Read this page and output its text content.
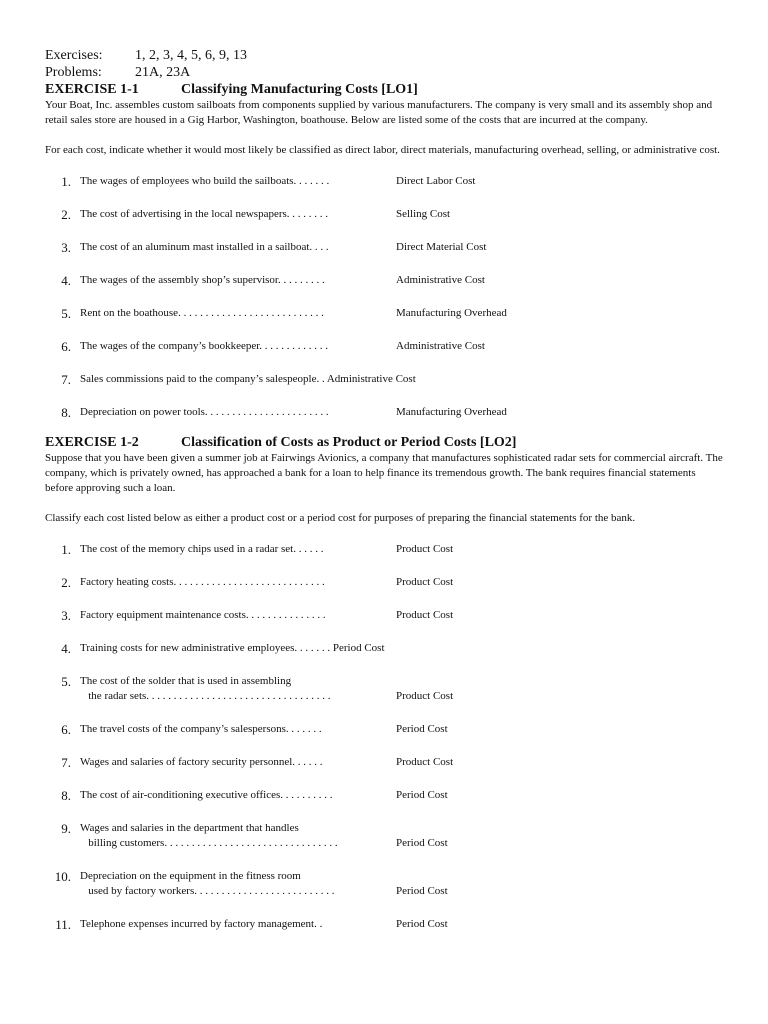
Exercises:	1, 2, 3, 4, 5, 6, 9, 13
Problems:	21A, 23A
EXERCISE 1-1	Classifying Manufacturing Costs [LO1]

Your Boat, Inc. assembles custom sailboats from components supplied by various manufacturers. The company is very small and its assembly shop and retail sales store are housed in a Gig Harbor, Washington, boathouse. Below are listed some of the costs that are incurred at the company.

For each cost, indicate whether it would most likely be classified as direct labor, direct materials, manufacturing overhead, selling, or administrative cost.

1. The wages of employees who build the sailboats. . . . . . .	Direct Labor Cost
2. The cost of advertising in the local newspapers. . . . . . . .	Selling Cost
3. The cost of an aluminum mast installed in a sailboat. . . .	Direct Material Cost
4. The wages of the assembly shop’s supervisor. . . . . . . . .	Administrative Cost
5. Rent on the boathouse. . . . . . . . . . . . . . . . . . . . . . . . . . .	Manufacturing Overhead
6. The wages of the company’s bookkeeper. . . . . . . . . . . . .	Administrative Cost
7. Sales commissions paid to the company’s salespeople. . Administrative Cost
8. Depreciation on power tools. . . . . . . . . . . . . . . . . . . . . . .	Manufacturing Overhead
EXERCISE 1-2	Classification of Costs as Product or Period Costs [LO2]

Suppose that you have been given a summer job at Fairwings Avionics, a company that manufactures sophisticated radar sets for commercial aircraft. The company, which is privately owned, has approached a bank for a loan to help finance its tremendous growth. The bank requires financial statements before approving such a loan.

Classify each cost listed below as either a product cost or a period cost for purposes of preparing the financial statements for the bank.

1. The cost of the memory chips used in a radar set. . . . . .	Product Cost
2. Factory heating costs. . . . . . . . . . . . . . . . . . . . . . . . . . . .	Product Cost
3. Factory equipment maintenance costs. . . . . . . . . . . . . . .	Product Cost
4. Training costs for new administrative employees. . . . . . . Period Cost
5. The cost of the solder that is used in assembling
the radar sets. . . . . . . . . . . . . . . . . . . . . . . . . . . . . . . . . .	Product Cost
6. The travel costs of the company’s salespersons. . . . . . .	Period Cost
7. Wages and salaries of factory security personnel. . . . . .	Product Cost
8. The cost of air-conditioning executive offices. . . . . . . . . .	Period Cost
9. Wages and salaries in the department that handles
billing customers. . . . . . . . . . . . . . . . . . . . . . . . . . . . . . . .	Period Cost
10. Depreciation on the equipment in the fitness room
used by factory workers. . . . . . . . . . . . . . . . . . . . . . . . . .	Period Cost
11. Telephone expenses incurred by factory management. .	Period Cost
